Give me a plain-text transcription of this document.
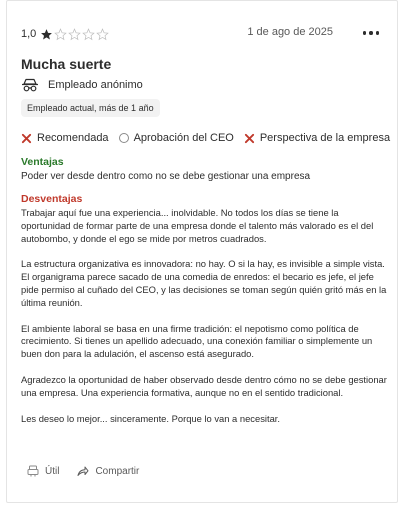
1,0	1 de ago de 2025
Mucha suerte
Empleado anónimo
Empleado actual, más de 1 año
Recomendada Aprobación del CEO Perspectiva de la empresa
Ventajas
Poder ver desde dentro como no se debe gestionar una empresa
Desventajas

Trabajar aquí fue una experiencia... inolvidable. No todos los días se tiene la oportunidad de formar parte de una empresa donde el talento más valorado es el del autobombo, y donde el ego se mide por metros cuadrados.

La estructura organizativa es innovadora: no hay. O si la hay, es invisible a simple vista. El organigrama parece sacado de una comedia de enredos: el becario es jefe, el jefe pide permiso al cuñado del CEO, y las decisiones se toman según quién gritó más en la última reunión.

El ambiente laboral se basa en una firme tradición: el nepotismo como política de crecimiento. Si tienes un apellido adecuado, una conexión familiar o simplemente un buen don para la adulación, el ascenso está asegurado.

Agradezco la oportunidad de haber observado desde dentro cómo no se debe gestionar una empresa. Una experiencia formativa, aunque no en el sentido tradicional.

Les deseo lo mejor... sinceramente. Porque lo van a necesitar.

Útil	Compartir
